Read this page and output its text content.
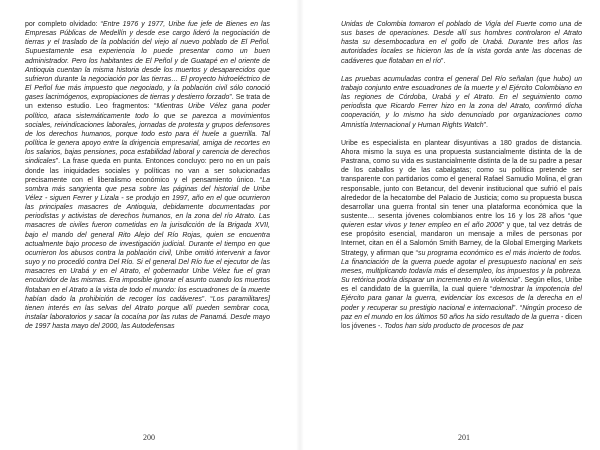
por completo olvidado: “Entre 1976 y 1977, Uribe fue jefe de Bienes en las Empresas Públicas de Medellín y desde ese cargo lideró la negociación de tierras y el traslado de la población del viejo al nuevo poblado de El Peñol. Supuestamente esa experiencia lo puede presentar como un buen administrador. Pero los habitantes de El Peñol y de Guatapé en el oriente de Antioquia cuentan la misma historia desde los muertos y desaparecidos que sufrieron durante la negociación por las tierras… El proyecto hidroeléctrico de El Peñol fue más impuesto que negociado, y la población civil sólo conoció gases lacrimógenos, expropiaciones de tierras y destierro forzado”. Se trata de un extenso estudio. Leo fragmentos: “Mientras Uribe Vélez gana poder político, ataca sistemáticamente todo lo que se parezca a movimientos sociales, reivindicaciones laborales, jornadas de protesta y grupos defensores de los derechos humanos, porque todo esto para él huele a guerrilla. Tal política le genera apoyo entre la dirigencia empresarial, amiga de recortes en los salarios, bajas pensiones, poca estabilidad laboral y carencia de derechos sindicales”. La frase queda en punta. Entonces concluyo: pero no en un país donde las iniquidades sociales y políticas no van a ser solucionadas precisamente con el liberalismo económico y el pensamiento único. “La sombra más sangrienta que pesa sobre las páginas del historial de Uribe Vélez - siguen Ferrer y Lizala - se produjo en 1997, año en el que ocurrieron las principales masacres de Antioquia, debidamente documentadas por periodistas y activistas de derechos humanos, en la zona del río Atrato. Las masacres de civiles fueron cometidas en la jurisdicción de la Brigada XVII, bajo el mando del general Rito Alejo del Río Rojas, quien se encuentra actualmente bajo proceso de investigación judicial. Durante el tiempo en que ocurrieron los abusos contra la población civil, Uribe omitió intervenir a favor suyo y no procedió contra Del Río. Si el general Del Río fue el ejecutor de las masacres en Urabá y en el Atrato, el gobernador Uribe Vélez fue el gran encubridor de las mismas. Era imposible ignorar el asunto cuando los muertos flotaban en el Atrato a la vista de todo el mundo: los escuadrones de la muerte habían dado la prohibición de recoger los cadáveres”. “Los paramilitares] tienen interés en las selvas del Atrato porque allí pueden sembrar coca, instalar laboratorios y sacar la cocaína por las rutas de Panamá. Desde mayo de 1997 hasta mayo del 2000, las Autodefensas

200

Unidas de Colombia tomaron el poblado de Vigía del Fuerte como una de sus bases de operaciones. Desde allí sus hombres controlaron el Atrato hasta su desembocadura en el golfo de Urabá. Durante tres años las autoridades locales se hicieron las de la vista gorda ante las docenas de cadáveres que flotaban en el río”.

Las pruebas acumuladas contra el general Del Río señalan (que hubo) un trabajo conjunto entre escuadrones de la muerte y el Ejército Colombiano en las regiones de Córdoba, Urabá y el Atrato. En el seguimiento como periodista que Ricardo Ferrer hizo en la zona del Atrato, confirmó dicha cooperación, y lo mismo ha sido denunciado por organizaciones como Amnistía Internacional y Human Rights Watch”.

Uribe es especialista en plantear disyuntivas a 180 grados de distancia. Ahora mismo la suya es una propuesta sustancialmente distinta de la de Pastrana, como su vida es sustancialmente distinta de la de su padre a pesar de los caballos y de las cabalgatas; como su política pretende ser transparente con partidarios como el general Rafael Samudio Molina, el gran responsable, junto con Betancur, del devenir institucional que sufrió el país alrededor de la hecatombe del Palacio de Justicia; como su propuesta busca desarrollar una guerra frontal sin tener una plataforma económica que la sustente… sesenta jóvenes colombianos entre los 16 y los 28 años “que quieren estar vivos y tener empleo en el año 2006” y que, tal vez detrás de ese propósito esencial, mandaron un mensaje a miles de personas por Internet, citan en él a Salomón Smith Barney, de la Global Emerging Markets Strategy, y afirman que “su programa económico es el más incierto de todos. La financiación de la guerra puede agotar el presupuesto nacional en seis meses, multiplicando todavía más el desempleo, los impuestos y la pobreza. Su retórica podría disparar un incremento en la violencia”. Según ellos, Uribe es el candidato de la guerrilla, la cual quiere “demostrar la impotencia del Ejército para ganar la guerra, evidenciar los excesos de la derecha en el poder y recuperar su prestigio nacional e internacional”. “Ningún proceso de paz en el mundo en los últimos 50 años ha sido resultado de la guerra - dicen los jóvenes -. Todos han sido producto de procesos de paz

201
